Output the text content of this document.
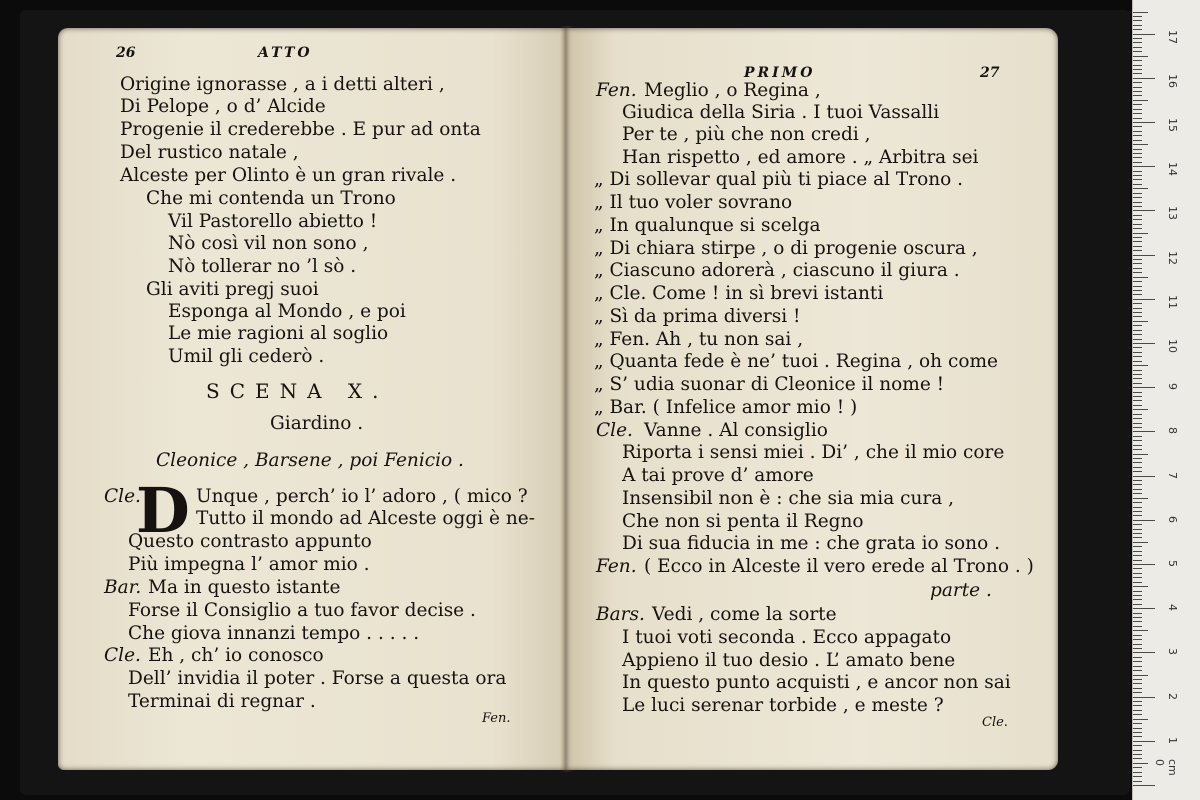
26	ATTO
Origine ignorasse , a i detti alteri ,
Di Pelope , o d’ Alcide
Progenie il crederebbe . E pur ad onta
Del rustico natale ,
Alceste per Olinto è un gran rivale .
Che mi contenda un Trono
Vil Pastorello abietto !
Nò così vil non sono ,
Nò tollerar no ’l sò .
Gli aviti pregj suoi
Esponga al Mondo , e poi
Le mie ragioni al soglio
Umil gli cederò .
SCENA X.
Giardino .
Cleonice , Barsene , poi Fenicio .
Cle.	Unque , perch’ io l’ adoro , ( mico ?
Tutto il mondo ad Alceste oggi è ne-
Questo contrasto appunto
Più impegna l’ amor mio .
Bar. Ma in questo istante
Forse il Consiglio a tuo favor decise .
Che giova innanzi tempo . . . . .
Cle. Eh , ch’ io conosco
Dell’ invidia il poter . Forse a questa ora
Terminai di regnar .
Fen.
D
PRIMO	27
Fen. Meglio , o Regina ,
Giudica della Siria . I tuoi Vassalli
Per te , più che non credi ,
Han rispetto , ed amore . „ Arbitra sei
„ Di sollevar qual più ti piace al Trono .
„ Il tuo voler sovrano
„ In qualunque si scelga
„ Di chiara stirpe , o di progenie oscura ,
„ Ciascuno adorerà , ciascuno il giura .
„ Cle. Come ! in sì brevi istanti
„ Sì da prima diversi !
„ Fen. Ah , tu non sai ,
„ Quanta fede è ne’ tuoi . Regina , oh come
„ S’ udia suonar di Cleonice il nome !
„ Bar. ( Infelice amor mio ! )
Cle. Vanne . Al consiglio
Riporta i sensi miei . Di’ , che il mio core
A tai prove d’ amore
Insensibil non è : che sia mia cura ,
Che non si penta il Regno
Di sua fiducia in me : che grata io sono .
Fen. ( Ecco in Alceste il vero erede al Trono . )
parte .
Bars. Vedi , come la sorte
I tuoi voti seconda . Ecco appagato
Appieno il tuo desio . L’ amato bene
In questo punto acquisti , e ancor non sai
Le luci serenar torbide , e meste ?
Cle.
cm 0
1
2
3
4
5
6
7
8
9
10
11
12
13
14
15
16
17
